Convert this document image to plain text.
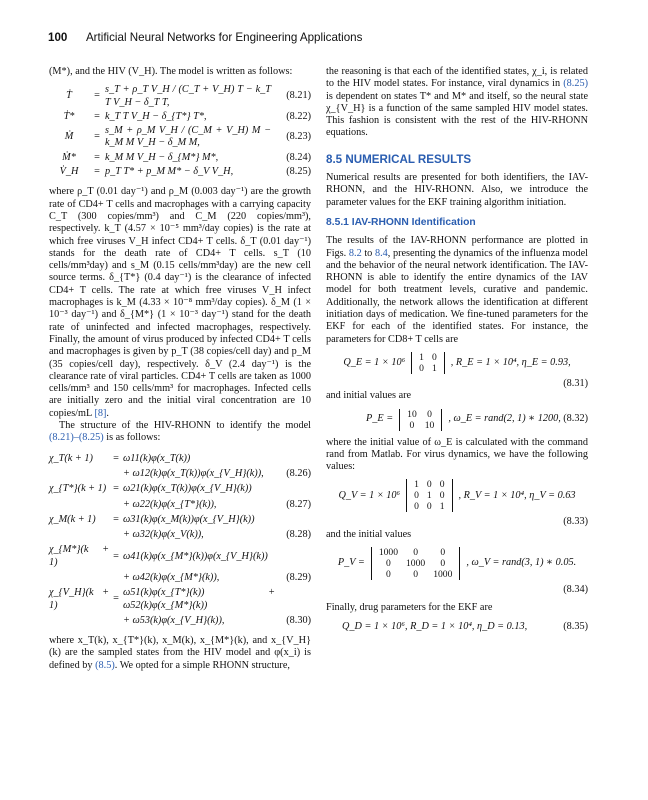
100 Artificial Neural Networks for Engineering Applications

(M*), and the HIV (V_H). The model is written as follows:

Ṫ	=
s_T + ρ_T V_H / (C_T + V_H) T − k_T T V_H − δ_T T,
(8.21)
Ṫ*	= k_T T V_H − δ_{T*} T*,	(8.22)
Ṁ	=
s_M + ρ_M V_H / (C_M + V_H) M − k_M M V_H − δ_M M,
(8.23)
Ṁ*	= k_M M V_H − δ_{M*} M*,	(8.24)
V̇_H	= p_T T* + p_M M* − δ_V V_H,	(8.25)

where ρ_T (0.01 day⁻¹) and ρ_M (0.003 day⁻¹) are the growth rate of CD4+ T cells and macrophages with a carrying capacity C_T (300 copies/mm³) and C_M (220 copies/mm³), respectively. k_T (4.57 × 10⁻⁵ mm³/day copies) is the rate at which free viruses V_H infect CD4+ T cells. δ_T (0.01 day⁻¹) stands for the death rate of CD4+ T cells. s_T (10 cells/mm³day) and s_M (0.15 cells/mm³day) are the new cell source terms. δ_{T*} (0.4 day⁻¹) is the clearance of infected CD4+ T cells. The rate at which free viruses V_H infect macrophages is k_M (4.33 × 10⁻⁸ mm³/day copies). δ_M (1 × 10⁻³ day⁻¹) and δ_{M*} (1 × 10⁻³ day⁻¹) stand for the death rate of uninfected and infected macrophages, respectively. Finally, the amount of virus produced by infected CD4+ T cells and macrophages is given by p_T (38 copies/cell day) and p_M (35 copies/cell day), respectively. δ_V (2.4 day⁻¹) is the clearance rate of viral particles. CD4+ T cells are taken as 1000 cells/mm³ and 150 cells/mm³ for macrophages. Infected cells are initially zero and the initial viral concentration are 10 copies/mL [8].

The structure of the HIV-RHONN to identify the model (8.21)–(8.25) is as follows:

χ_T(k + 1)	= ω11(k)φ(x_T(k))
+ ω12(k)φ(x_T(k))φ(x_{V_H}(k)),	(8.26)
χ_{T*}(k + 1) = ω21(k)φ(x_T(k))φ(x_{V_H}(k))
+ ω22(k)φ(x_{T*}(k)),	(8.27)
χ_M(k + 1)	= ω31(k)φ(x_M(k))φ(x_{V_H}(k))
+ ω32(k)φ(x_V(k)),	(8.28)
χ_{M*}(k + 1)
= ω41(k)φ(x_{M*}(k))φ(x_{V_H}(k))
+ ω42(k)φ(x_{M*}(k)),	(8.29)
χ_{V_H}(k + 1)
=
ω51(k)φ(x_{T*}(k)) + ω52(k)φ(x_{M*}(k))
+ ω53(k)φ(x_{V_H}(k)),	(8.30)

where x_T(k), x_{T*}(k), x_M(k), x_{M*}(k), and x_{V_H}(k) are the sampled states from the HIV model and φ(x_i) is defined by (8.5). We opted for a simple RHONN structure,

the reasoning is that each of the identified states, χ_i, is related to the HIV model states. For instance, viral dynamics in (8.25) is dependent on states T* and M* and itself, so the neural state χ_{V_H} is a function of the same sampled HIV model states. This fashion is consistent with the rest of the HIV-RHONN equations.

8.5 NUMERICAL RESULTS

Numerical results are presented for both identifiers, the IAV-RHONN, and the HIV-RHONN. Also, we introduce the parameter values for the EKF training algorithm initiation.

8.5.1 IAV-RHONN Identification

The results of the IAV-RHONN performance are plotted in Figs. 8.2 to 8.4, presenting the dynamics of the influenza model and the behavior of the neural network identification. The IAV-RHONN is able to identify the entire dynamics of the IAV model for both treatment levels, curative and pandemic. Additionally, the network allows the identification at different initiation days of medication. We fine-tuned parameters for the EKF for each of the identified states. For instance, the parameters for CD8+ T cells are

Q_E = 1 × 10⁶ 1	0
0	1
, R_E = 1 × 10⁴, η_E = 0.93,
(8.31)

and initial values are

P_E = 10	0
0	10
, ω_E = rand(2, 1) ∗ 1200, (8.32)

where the initial value of ω_E is calculated with the command rand from Matlab. For virus dynamics, we have the following values:

Q_V = 1 × 10⁶
1	0	0
0	1	0
0	0	1
, R_V = 1 × 10⁴, η_V = 0.63
(8.33)

and the initial values

P_V =
1000	0	0
0	1000	0
0	0	1000
, ω_V = rand(3, 1) ∗ 0.05.
(8.34)

Finally, drug parameters for the EKF are

Q_D = 1 × 10⁶, R_D = 1 × 10⁴, η_D = 0.13,	(8.35)
